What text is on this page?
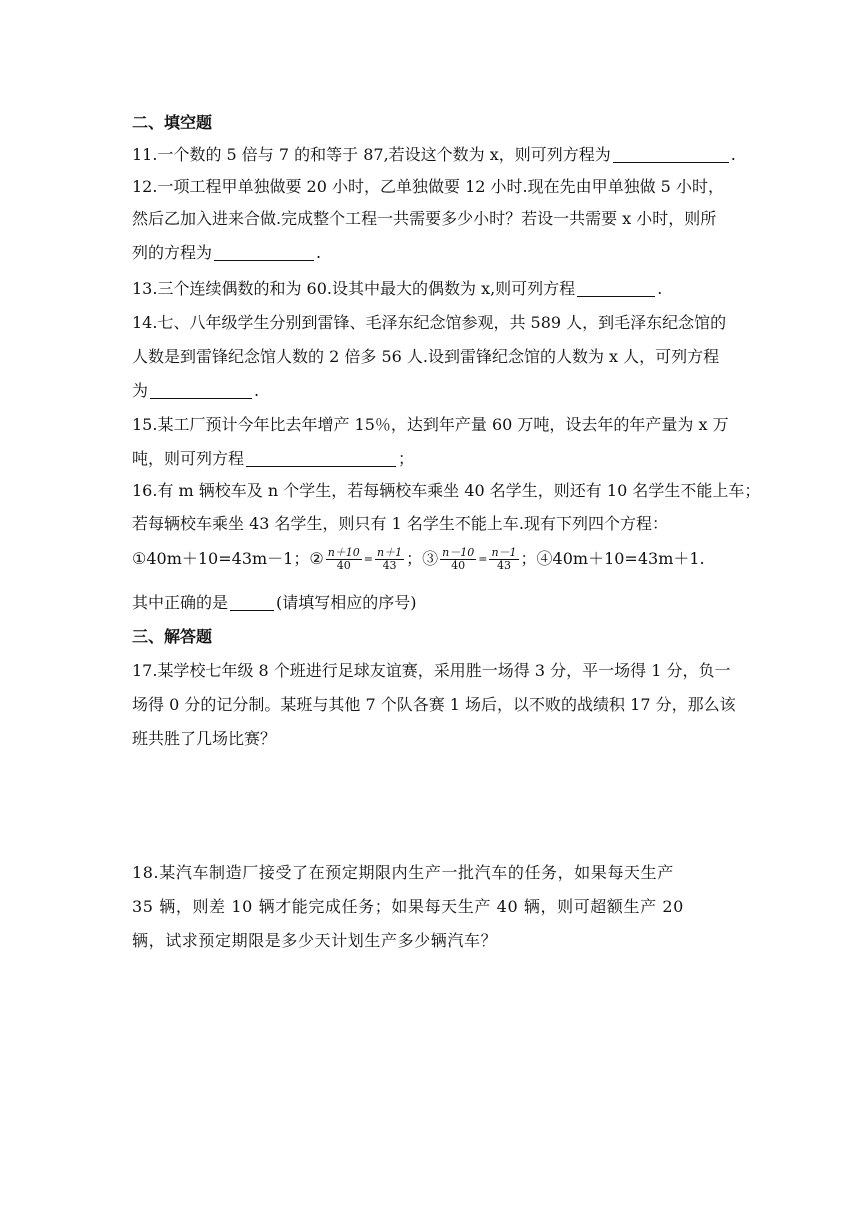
二、填空题
11.一个数的 5 倍与 7 的和等于 87,若设这个数为 x，则可列方程为	.
12.一项工程甲单独做要 20 小时，乙单独做要 12 小时.现在先由甲单独做 5 小时，
然后乙加入进来合做.完成整个工程一共需要多少小时？若设一共需要 x 小时，则所
列的方程为	.
13.三个连续偶数的和为 60.设其中最大的偶数为 x,则可列方程	.
14.七、八年级学生分别到雷锋、毛泽东纪念馆参观，共 589 人，到毛泽东纪念馆的
人数是到雷锋纪念馆人数的 2 倍多 56 人.设到雷锋纪念馆的人数为 x 人，可列方程
为	.
15.某工厂预计今年比去年增产 15％，达到年产量 60 万吨，设去年的年产量为 x 万
吨，则可列方程	；
16.有 m 辆校车及 n 个学生，若每辆校车乘坐 40 名学生，则还有 10 名学生不能上车；
若每辆校车乘坐 43 名学生，则只有 1 名学生不能上车.现有下列四个方程：
①40m＋10=43m－1；② $\frac{n+10}{40} = \frac{n+1}{43}$ ；③ $\frac{n-10}{40} = \frac{n-1}{43}$ ；④40m＋10=43m＋1.
其中正确的是	(请填写相应的序号)
三、解答题
17.某学校七年级 8 个班进行足球友谊赛，采用胜一场得 3 分，平一场得 1 分，负一
场得 0 分的记分制。某班与其他 7 个队各赛 1 场后，以不败的战绩积 17 分，那么该
班共胜了几场比赛？
18.某汽车制造厂接受了在预定期限内生产一批汽车的任务，如果每天生产
35 辆，则差 10 辆才能完成任务；如果每天生产 40 辆，则可超额生产 20
辆，试求预定期限是多少天计划生产多少辆汽车？
